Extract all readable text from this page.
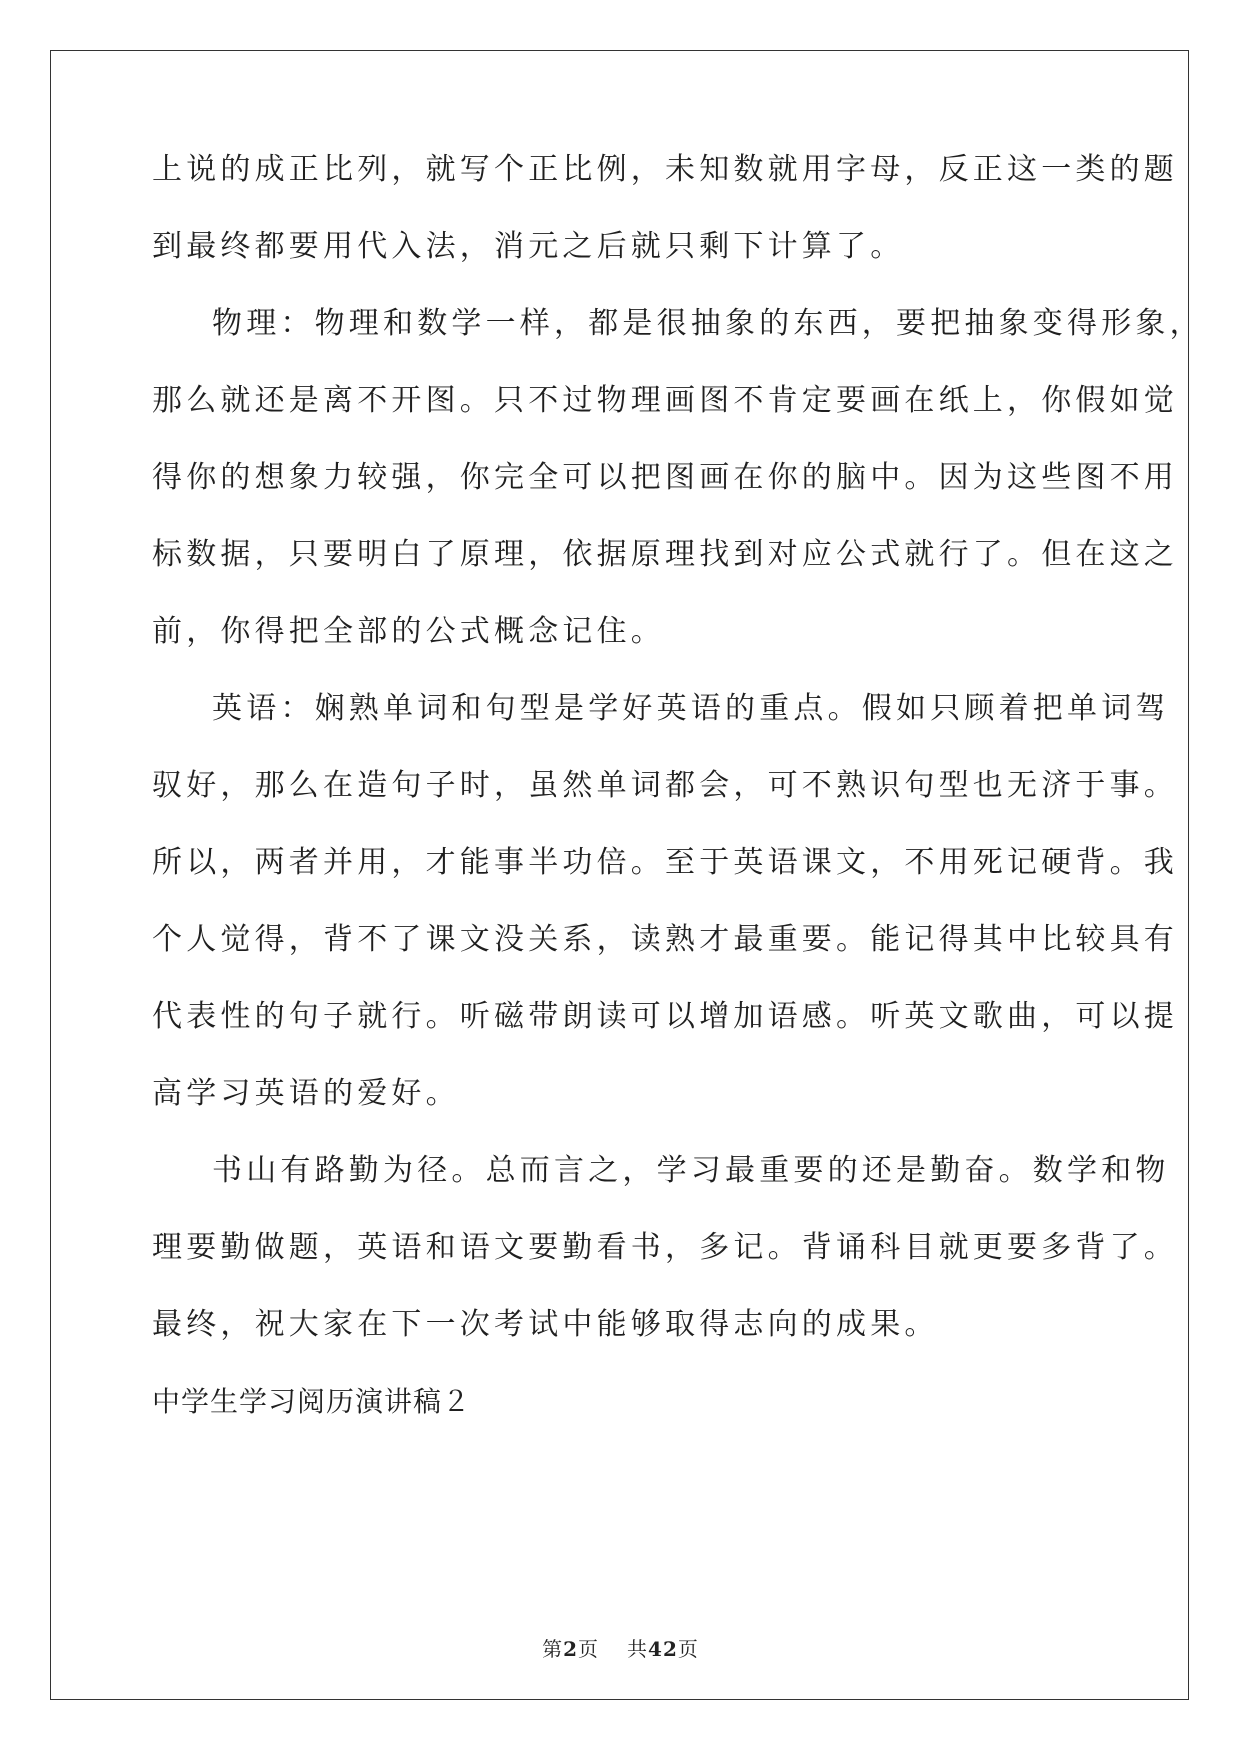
上说的成正比列，就写个正比例，未知数就用字母，反正这一类的题
到最终都要用代入法，消元之后就只剩下计算了。
物理：物理和数学一样，都是很抽象的东西，要把抽象变得形象，
那么就还是离不开图。只不过物理画图不肯定要画在纸上，你假如觉
得你的想象力较强，你完全可以把图画在你的脑中。因为这些图不用
标数据，只要明白了原理，依据原理找到对应公式就行了。但在这之
前，你得把全部的公式概念记住。
英语：娴熟单词和句型是学好英语的重点。假如只顾着把单词驾
驭好，那么在造句子时，虽然单词都会，可不熟识句型也无济于事。
所以，两者并用，才能事半功倍。至于英语课文，不用死记硬背。我
个人觉得，背不了课文没关系，读熟才最重要。能记得其中比较具有
代表性的句子就行。听磁带朗读可以增加语感。听英文歌曲，可以提
高学习英语的爱好。
书山有路勤为径。总而言之，学习最重要的还是勤奋。数学和物
理要勤做题，英语和语文要勤看书，多记。背诵科目就更要多背了。
最终，祝大家在下一次考试中能够取得志向的成果。
中学生学习阅历演讲稿２
第2页 共42页
